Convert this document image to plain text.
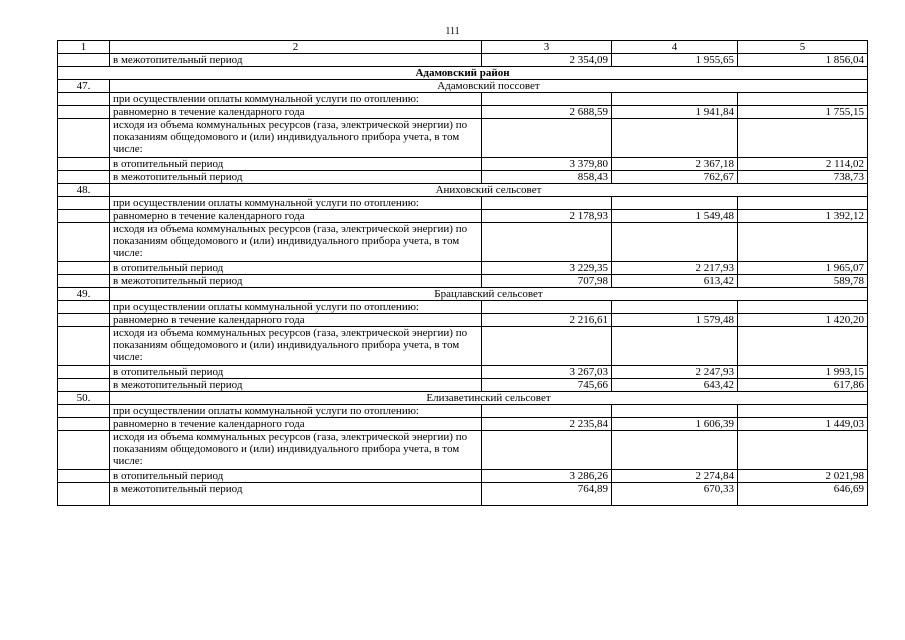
111
1	2	3	4	5
	в межотопительный период	2 354,09	1 955,65	1 856,04
Адамовский район				
47.	Адамовский поссовет			
	при осуществлении оплаты коммунальной услуги по отоплению:			
	равномерно в течение календарного года	2 688,59	1 941,84	1 755,15
	исходя из объема коммунальных ресурсов (газа, электрической энергии) по показаниям общедомового и (или) индивидуального прибора учета, в том числе:			
	в отопительный период	3 379,80	2 367,18	2 114,02
	в межотопительный период	858,43	762,67	738,73
48.	Аниховский сельсовет			
	при осуществлении оплаты коммунальной услуги по отоплению:			
	равномерно в течение календарного года	2 178,93	1 549,48	1 392,12
	исходя из объема коммунальных ресурсов (газа, электрической энергии) по показаниям общедомового и (или) индивидуального прибора учета, в том числе:			
	в отопительный период	3 229,35	2 217,93	1 965,07
	в межотопительный период	707,98	613,42	589,78
49.	Брацлавский сельсовет			
	при осуществлении оплаты коммунальной услуги по отоплению:			
	равномерно в течение календарного года	2 216,61	1 579,48	1 420,20
	исходя из объема коммунальных ресурсов (газа, электрической энергии) по показаниям общедомового и (или) индивидуального прибора учета, в том числе:			
	в отопительный период	3 267,03	2 247,93	1 993,15
	в межотопительный период	745,66	643,42	617,86
50.	Елизаветинский сельсовет			
	при осуществлении оплаты коммунальной услуги по отоплению:			
	равномерно в течение календарного года	2 235,84	1 606,39	1 449,03
	исходя из объема коммунальных ресурсов (газа, электрической энергии) по показаниям общедомового и (или) индивидуального прибора учета, в том числе:			
	в отопительный период	3 286,26	2 274,84	2 021,98
	в межотопительный период	764,89	670,33	646,69
